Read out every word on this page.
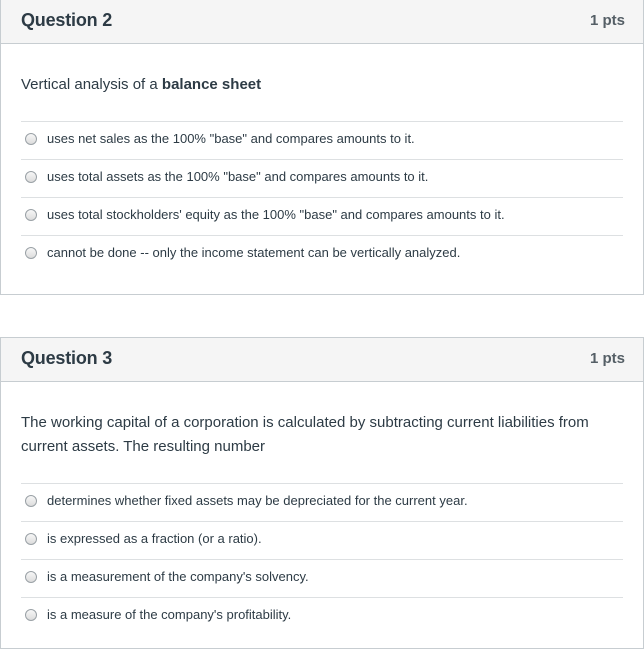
Question 2	1 pts
Vertical analysis of a balance sheet
uses net sales as the 100% "base" and compares amounts to it.
uses total assets as the 100% "base" and compares amounts to it.
uses total stockholders' equity as the 100% "base" and compares amounts to it.
cannot be done -- only the income statement can be vertically analyzed.
Question 3	1 pts
The working capital of a corporation is calculated by subtracting current liabilities from current assets. The resulting number
determines whether fixed assets may be depreciated for the current year.
is expressed as a fraction (or a ratio).
is a measurement of the company's solvency.
is a measure of the company's profitability.
